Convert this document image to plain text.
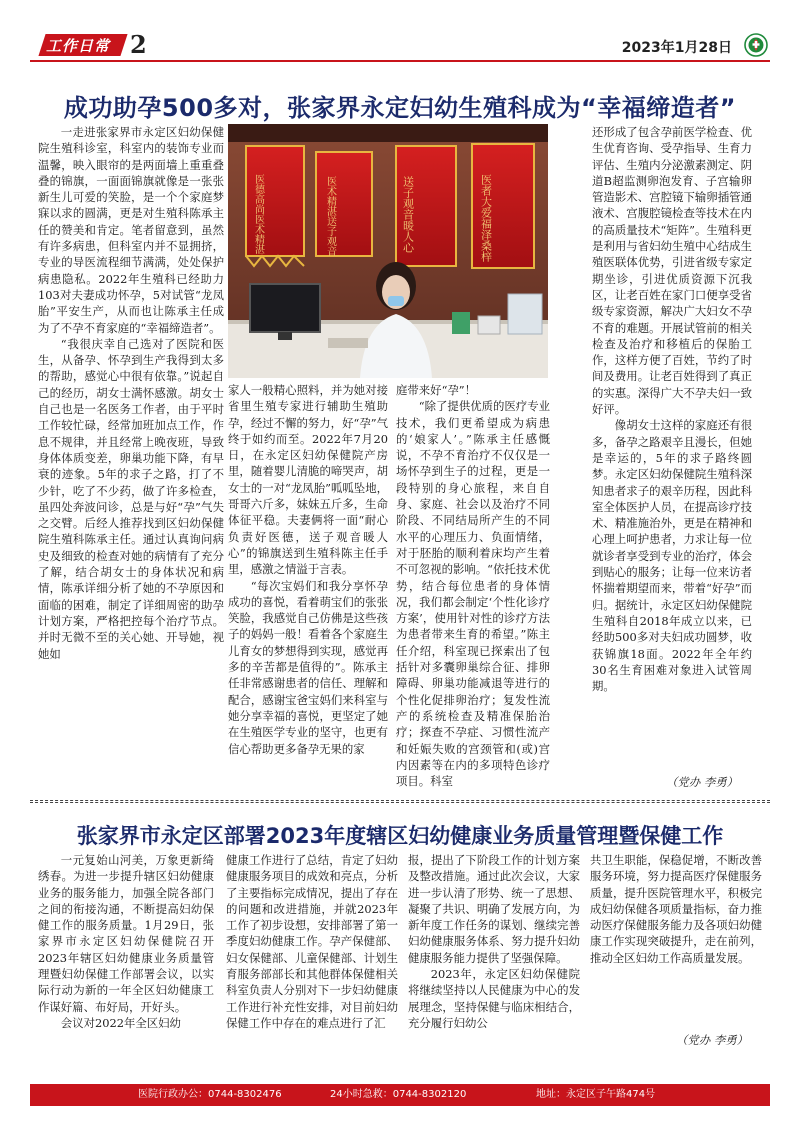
工作日常 2	2023年1月28日
成功助孕500多对，张家界永定妇幼生殖科成为“幸福缔造者”

一走进张家界市永定区妇幼保健院生殖科诊室，科室内的装饰专业而温馨，映入眼帘的是两面墙上重重叠叠的锦旗，一面面锦旗就像是一张张新生儿可爱的笑脸，是一个个家庭梦寐以求的圆满，更是对生殖科陈承主任的赞美和肯定。笔者留意到，虽然有许多病患，但科室内并不显拥挤，专业的导医流程细节满满，处处保护病患隐私。2022年生殖科已经助力103对夫妻成功怀孕，5对试管“龙凤胎”平安生产，从而也让陈承主任成为了不孕不育家庭的“幸福缔造者”。

“我很庆幸自己选对了医院和医生，从备孕、怀孕到生产我得到太多的帮助，感觉心中很有依靠。”说起自己的经历，胡女士满怀感激。胡女士自己也是一名医务工作者，由于平时工作较忙碌，经常加班加点工作，作息不规律，并且经常上晚夜班，导致身体体质变差，卵巢功能下降，有早衰的迹象。5年的求子之路，打了不少针，吃了不少药，做了许多检查，虽四处奔波问诊，总是与好“孕”气失之交臂。后经人推荐找到区妇幼保健院生殖科陈承主任。通过认真询问病史及细致的检查对她的病情有了充分了解，结合胡女士的身体状况和病情，陈承详细分析了她的不孕原因和面临的困难，制定了详细周密的助孕计划方案，严格把控每个治疗节点。并时无微不至的关心她、开导她，视她如

医德高尚医术精湛	医术精湛送子观音	送子观音暖人心	医者大爱福泽桑梓

家人一般精心照料，并为她对接省里生殖专家进行辅助生殖助孕，经过不懈的努力，好“孕”气终于如约而至。2022年7月20日，在永定区妇幼保健院产房里，随着婴儿清脆的啼哭声，胡女士的一对“龙凤胎”呱呱坠地，哥哥六斤多，妹妹五斤多，生命体征平稳。夫妻俩将一面“耐心负责好医德，送子观音暖人心”的锦旗送到生殖科陈主任手里，感激之情溢于言表。

“每次宝妈们和我分享怀孕成功的喜悦，看着萌宝们的张张笑脸，我感觉自己仿佛是这些孩子的妈妈一般！看着各个家庭生儿育女的梦想得到实现，感觉再多的辛苦都是值得的”。陈承主任非常感谢患者的信任、理解和配合，感谢宝爸宝妈们来科室与她分享幸福的喜悦，更坚定了她在生殖医学专业的坚守，也更有信心帮助更多备孕无果的家

庭带来好“孕”！

“除了提供优质的医疗专业技术，我们更希望成为病患的‘娘家人’。”陈承主任感慨说，不孕不育治疗不仅仅是一场怀孕到生子的过程，更是一段特别的身心旅程，来自自身、家庭、社会以及治疗不同阶段、不同结局所产生的不同水平的心理压力、负面情绪，对于胚胎的顺利着床均产生着不可忽视的影响。“依托技术优势，结合每位患者的身体情况，我们都会制定‘个性化诊疗方案’，使用针对性的诊疗方法为患者带来生育的希望。”陈主任介绍，科室现已探索出了包括针对多囊卵巢综合征、排卵障碍、卵巢功能减退等进行的个性化促排卵治疗；复发性流产的系统检查及精准保胎治疗；探查不孕症、习惯性流产和妊娠失败的宫颈管和(或)宫内因素等在内的多项特色诊疗项目。科室

还形成了包含孕前医学检查、优生优育咨询、受孕指导、生育力评估、生殖内分泌激素测定、阴道B超监测卵泡发育、子宫输卵管造影术、宫腔镜下输卵插管通液术、宫腹腔镜检查等技术在内的高质量技术“矩阵”。生殖科更是利用与省妇幼生殖中心结成生殖医联体优势，引进省级专家定期坐诊，引进优质资源下沉我区，让老百姓在家门口便享受省级专家资源，解决广大妇女不孕不育的难题。开展试管前的相关检查及治疗和移植后的保胎工作，这样方便了百姓，节约了时间及费用。让老百姓得到了真正的实惠。深得广大不孕夫妇一致好评。

像胡女士这样的家庭还有很多，备孕之路艰辛且漫长，但她是幸运的，5年的求子路终圆梦。永定区妇幼保健院生殖科深知患者求子的艰辛历程，因此科室全体医护人员，在提高诊疗技术、精准施治外，更是在精神和心理上呵护患者，力求让每一位就诊者享受到专业的治疗，体会到贴心的服务；让每一位来访者怀揣着期望而来，带着“好孕”而归。据统计，永定区妇幼保健院生殖科自2018年成立以来，已经助500多对夫妇成功圆梦，收获锦旗18面。2022年全年约30名生育困难对象进入试管周期。

（党办 李勇）
张家界市永定区部署2023年度辖区妇幼健康业务质量管理暨保健工作

一元复始山河美，万象更新绮绣春。为进一步提升辖区妇幼健康业务的服务能力，加强全院各部门之间的衔接沟通，不断提高妇幼保健工作的服务质量。1月29日，张家界市永定区妇幼保健院召开2023年辖区妇幼健康业务质量管理暨妇幼保健工作部署会议，以实际行动为新的一年全区妇幼健康工作谋好篇、布好局，开好头。

会议对2022年全区妇幼

健康工作进行了总结，肯定了妇幼健康服务项目的成效和亮点，分析了主要指标完成情况，提出了存在的问题和改进措施，并就2023年工作了初步设想，安排部署了第一季度妇幼健康工作。孕产保健部、妇女保健部、儿童保健部、计划生育服务部部长和其他群体保健相关科室负责人分别对下一步妇幼健康工作进行补充性安排，对目前妇幼保健工作中存在的难点进行了汇

报，提出了下阶段工作的计划方案及整改措施。通过此次会议，大家进一步认清了形势、统一了思想、凝聚了共识、明确了发展方向，为新年度工作任务的谋划、继续完善妇幼健康服务体系、努力提升妇幼健康服务能力提供了坚强保障。

2023年，永定区妇幼保健院将继续坚持以人民健康为中心的发展理念，坚持保健与临床相结合，充分履行妇幼公

共卫生职能，保稳促增，不断改善服务环境，努力提高医疗保健服务质量，提升医院管理水平，积极完成妇幼保健各项质量指标，奋力推动医疗保健服务能力及各项妇幼健康工作实现突破提升，走在前列，推动全区妇幼工作高质量发展。

（党办 李勇）
医院行政办公：0744-8302476	24小时急救：0744-8302120	地址：永定区子午路474号
